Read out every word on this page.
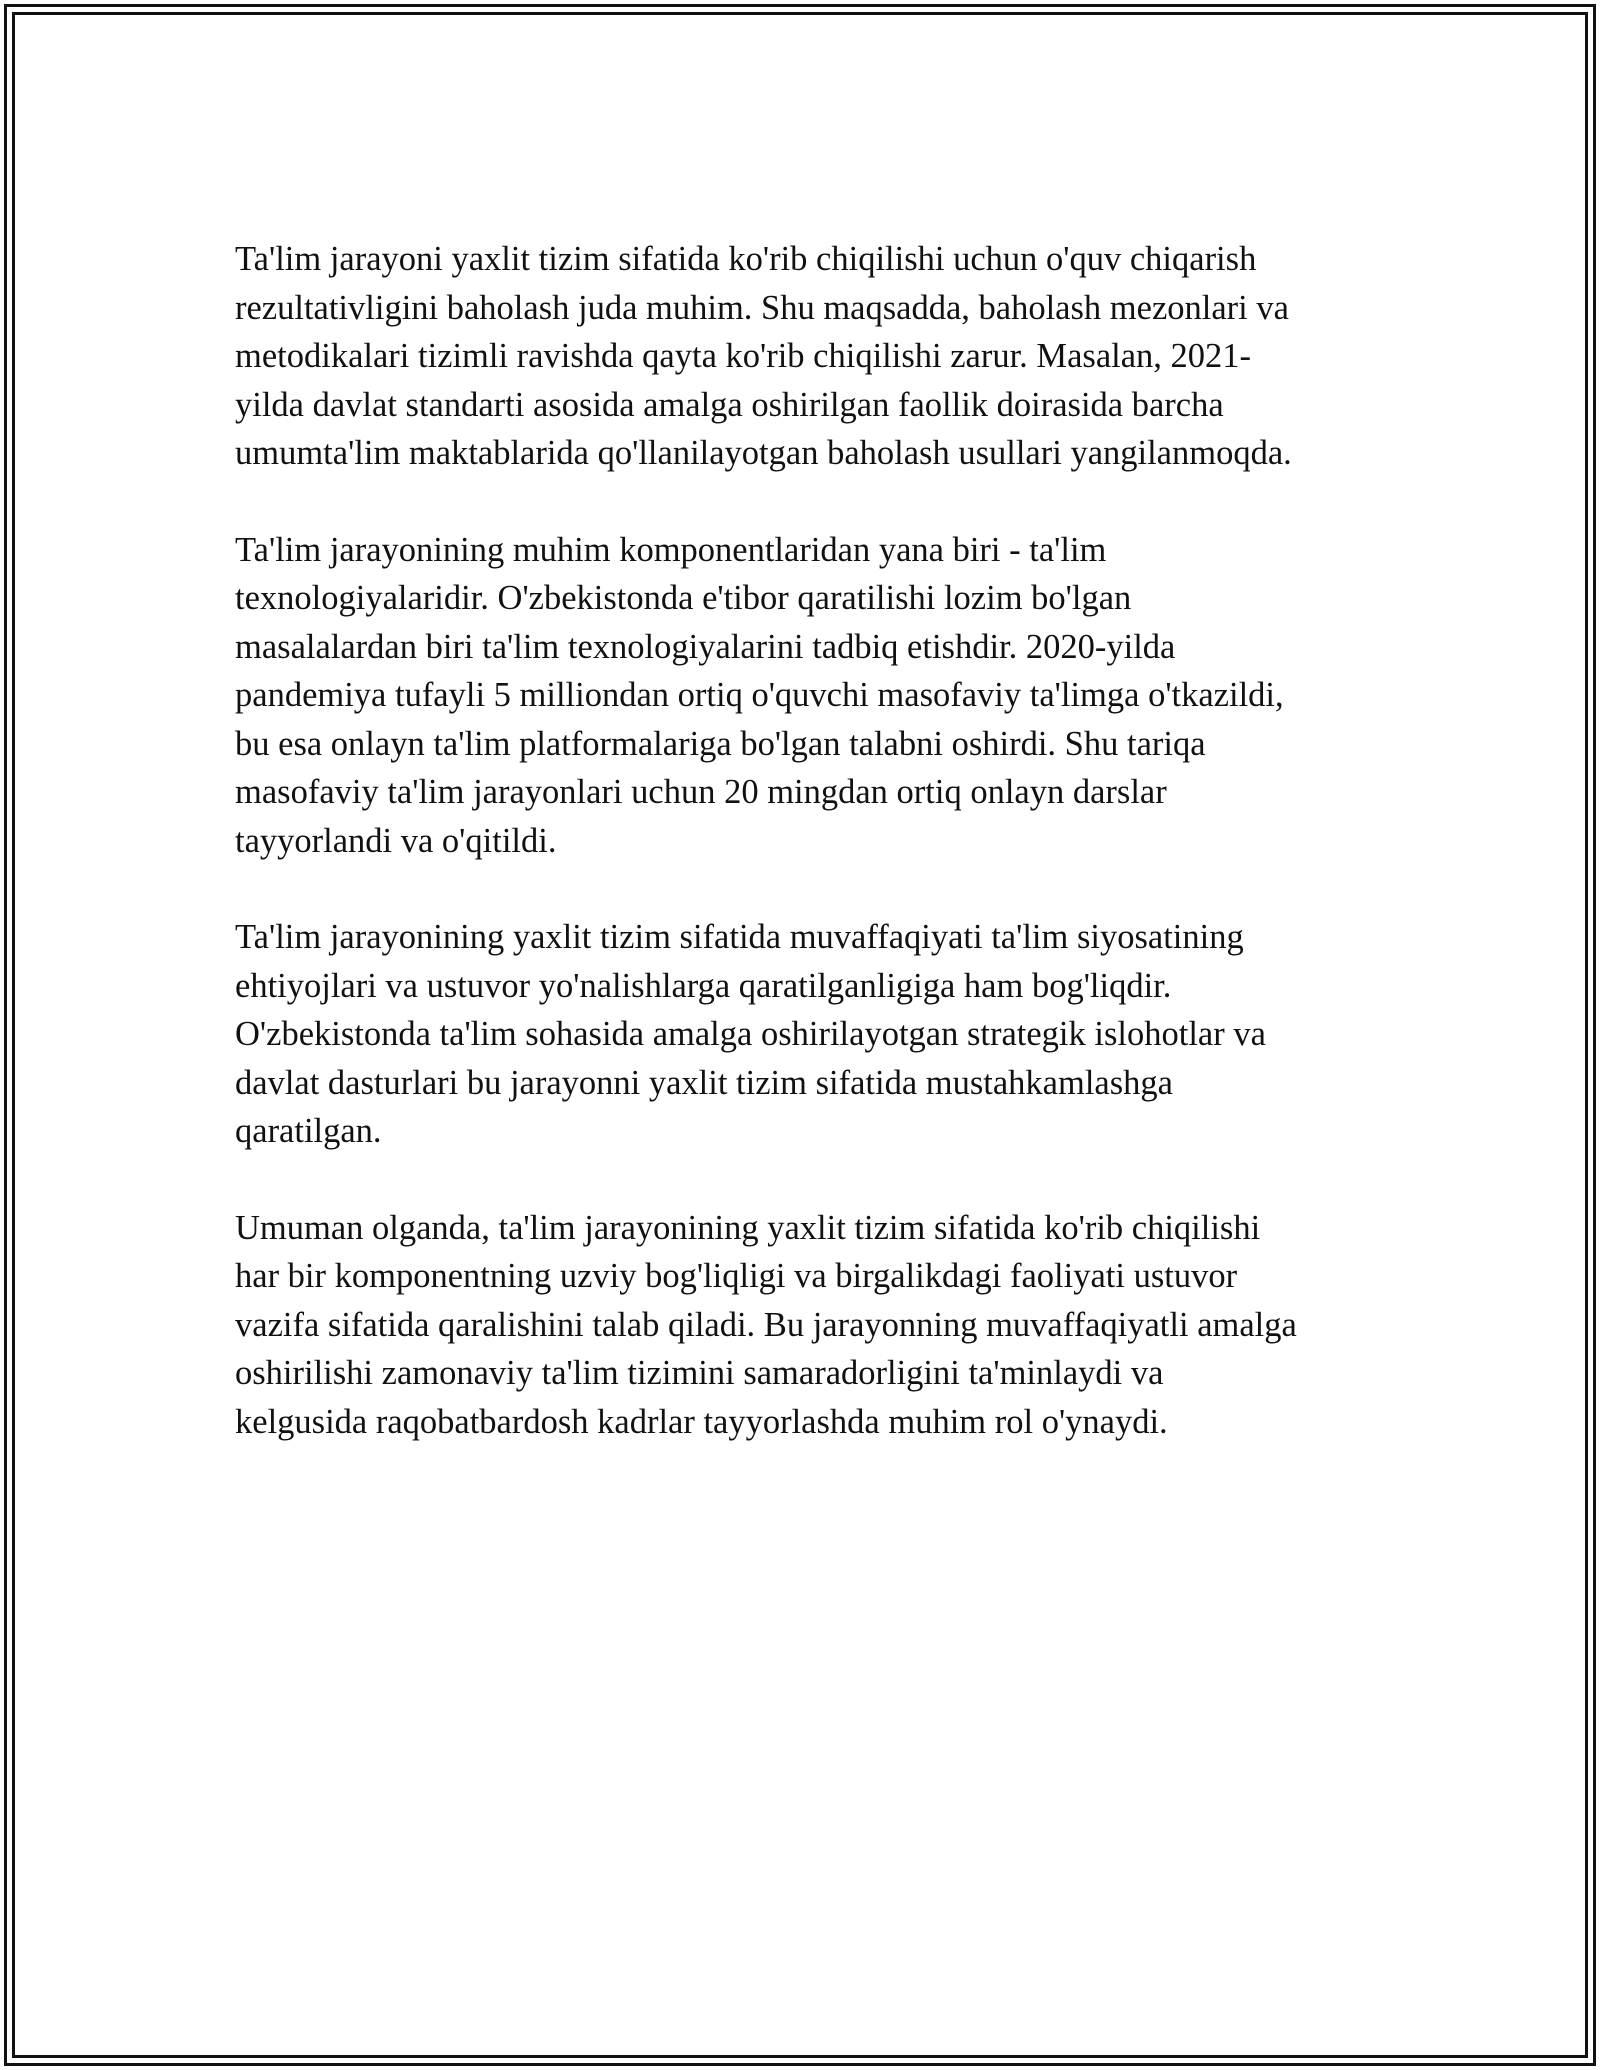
Ta'lim jarayoni yaxlit tizim sifatida ko'rib chiqilishi uchun o'quv chiqarish
rezultativligini baholash juda muhim. Shu maqsadda, baholash mezonlari va
metodikalari tizimli ravishda qayta ko'rib chiqilishi zarur. Masalan, 2021-
yilda davlat standarti asosida amalga oshirilgan faollik doirasida barcha
umumta'lim maktablarida qo'llanilayotgan baholash usullari yangilanmoqda.

Ta'lim jarayonining muhim komponentlaridan yana biri - ta'lim
texnologiyalaridir. O'zbekistonda e'tibor qaratilishi lozim bo'lgan
masalalardan biri ta'lim texnologiyalarini tadbiq etishdir. 2020-yilda
pandemiya tufayli 5 milliondan ortiq o'quvchi masofaviy ta'limga o'tkazildi,
bu esa onlayn ta'lim platformalariga bo'lgan talabni oshirdi. Shu tariqa
masofaviy ta'lim jarayonlari uchun 20 mingdan ortiq onlayn darslar
tayyorlandi va o'qitildi.

Ta'lim jarayonining yaxlit tizim sifatida muvaffaqiyati ta'lim siyosatining
ehtiyojlari va ustuvor yo'nalishlarga qaratilganligiga ham bog'liqdir.
O'zbekistonda ta'lim sohasida amalga oshirilayotgan strategik islohotlar va
davlat dasturlari bu jarayonni yaxlit tizim sifatida mustahkamlashga
qaratilgan.

Umuman olganda, ta'lim jarayonining yaxlit tizim sifatida ko'rib chiqilishi
har bir komponentning uzviy bog'liqligi va birgalikdagi faoliyati ustuvor
vazifa sifatida qaralishini talab qiladi. Bu jarayonning muvaffaqiyatli amalga
oshirilishi zamonaviy ta'lim tizimini samaradorligini ta'minlaydi va
kelgusida raqobatbardosh kadrlar tayyorlashda muhim rol o'ynaydi.
